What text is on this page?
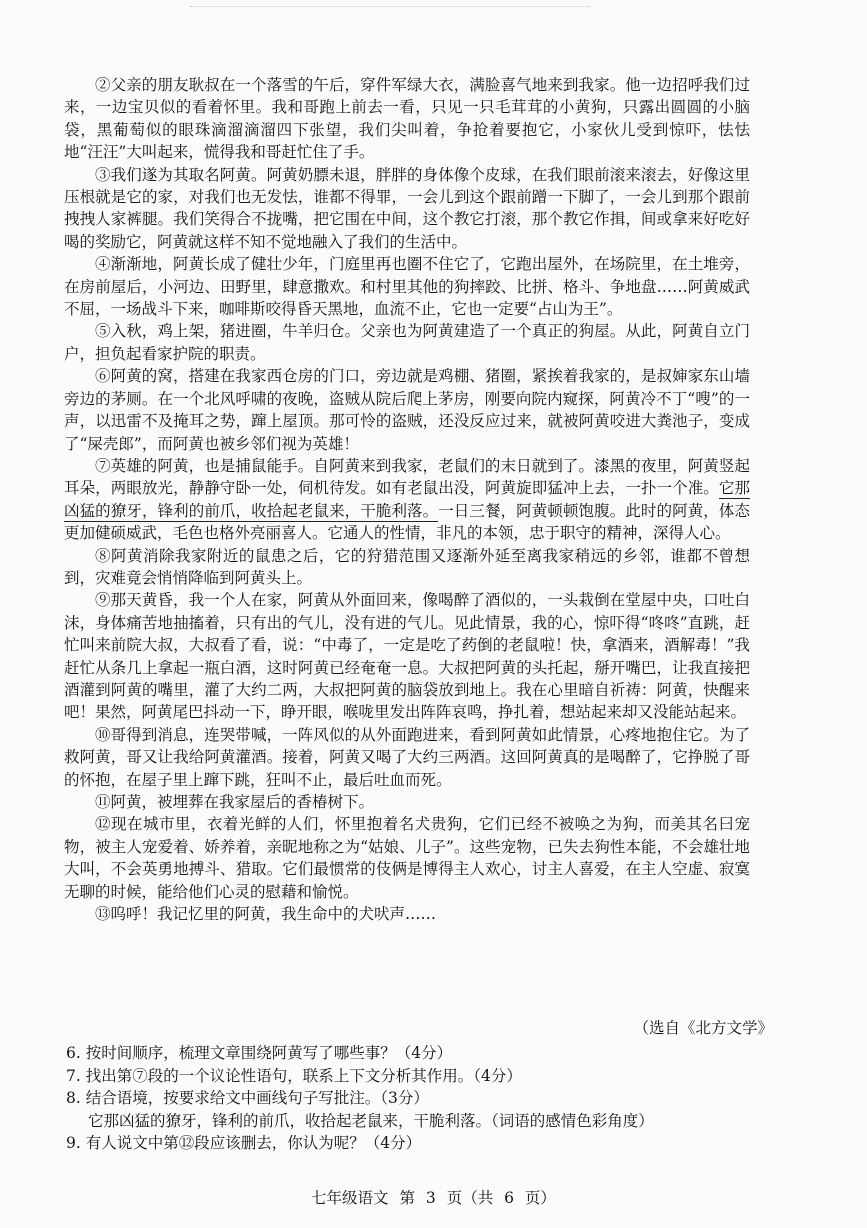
②父亲的朋友耿叔在一个落雪的午后，穿件军绿大衣，满脸喜气地来到我家。他一边招呼我们过来，一边宝贝似的看着怀里。我和哥跑上前去一看，只见一只毛茸茸的小黄狗，只露出圆圆的小脑袋，黑葡萄似的眼珠滴溜滴溜四下张望，我们尖叫着，争抢着要抱它，小家伙儿受到惊吓，怯怯地“汪汪”大叫起来，慌得我和哥赶忙住了手。

③我们遂为其取名阿黄。阿黄奶膘未退，胖胖的身体像个皮球，在我们眼前滚来滚去，好像这里压根就是它的家，对我们也无发怯，谁都不得罪，一会儿到这个跟前蹭一下脚了，一会儿到那个跟前拽拽人家裤腿。我们笑得合不拢嘴，把它围在中间，这个教它打滚，那个教它作揖，间或拿来好吃好喝的奖励它，阿黄就这样不知不觉地融入了我们的生活中。

④渐渐地，阿黄长成了健壮少年，门庭里再也圈不住它了，它跑出屋外，在场院里，在土堆旁，在房前屋后，小河边、田野里，肆意撒欢。和村里其他的狗摔跤、比拼、格斗、争地盘……阿黄威武不屈，一场战斗下来，咖啡斯咬得昏天黑地，血流不止，它也一定要“占山为王”。

⑤入秋，鸡上架，猪进圈，牛羊归仓。父亲也为阿黄建造了一个真正的狗屋。从此，阿黄自立门户，担负起看家护院的职责。

⑥阿黄的窝，搭建在我家西仓房的门口，旁边就是鸡棚、猪圈，紧挨着我家的，是叔婶家东山墙旁边的茅厕。在一个北风呼啸的夜晚，盗贼从院后爬上茅房，刚要向院内窥探，阿黄冷不丁“嗖”的一声，以迅雷不及掩耳之势，蹿上屋顶。那可怜的盗贼，还没反应过来，就被阿黄咬进大粪池子，变成了“屎壳郎”，而阿黄也被乡邻们视为英雄！

⑦英雄的阿黄，也是捕鼠能手。自阿黄来到我家，老鼠们的末日就到了。漆黑的夜里，阿黄竖起耳朵，两眼放光，静静守卧一处，伺机待发。如有老鼠出没，阿黄旋即猛冲上去，一扑一个准。它那凶猛的獠牙，锋利的前爪，收拾起老鼠来，干脆利落。一日三餐，阿黄顿顿饱腹。此时的阿黄，体态更加健硕威武，毛色也格外亮丽喜人。它通人的性情，非凡的本领，忠于职守的精神，深得人心。

⑧阿黄消除我家附近的鼠患之后，它的狩猎范围又逐渐外延至离我家稍远的乡邻，谁都不曾想到，灾难竟会悄悄降临到阿黄头上。

⑨那天黄昏，我一个人在家，阿黄从外面回来，像喝醉了酒似的，一头栽倒在堂屋中央，口吐白沫，身体痛苦地抽搐着，只有出的气儿，没有进的气儿。见此情景，我的心，惊吓得“咚咚”直跳，赶忙叫来前院大叔，大叔看了看，说：“中毒了，一定是吃了药倒的老鼠啦！快，拿酒来，酒解毒！”我赶忙从条几上拿起一瓶白酒，这时阿黄已经奄奄一息。大叔把阿黄的头托起，掰开嘴巴，让我直接把酒灌到阿黄的嘴里，灌了大约二两，大叔把阿黄的脑袋放到地上。我在心里暗自祈祷：阿黄，快醒来吧！果然，阿黄尾巴抖动一下，睁开眼，喉咙里发出阵阵哀鸣，挣扎着，想站起来却又没能站起来。

⑩哥得到消息，连哭带喊，一阵风似的从外面跑进来，看到阿黄如此情景，心疼地抱住它。为了救阿黄，哥又让我给阿黄灌酒。接着，阿黄又喝了大约三两酒。这回阿黄真的是喝醉了，它挣脱了哥的怀抱，在屋子里上蹿下跳，狂叫不止，最后吐血而死。

⑪阿黄，被埋葬在我家屋后的香椿树下。

⑫现在城市里，衣着光鲜的人们，怀里抱着名犬贵狗，它们已经不被唤之为狗，而美其名曰宠物，被主人宠爱着、娇养着，亲昵地称之为“姑娘、儿子”。这些宠物，已失去狗性本能，不会雄壮地大叫，不会英勇地搏斗、猎取。它们最惯常的伎俩是博得主人欢心，讨主人喜爱，在主人空虚、寂寞无聊的时候，能给他们心灵的慰藉和愉悦。

⑬呜呼！我记忆里的阿黄，我生命中的犬吠声……

（选自《北方文学》

6. 按时间顺序，梳理文章围绕阿黄写了哪些事？（4分）

7. 找出第⑦段的一个议论性语句，联系上下文分析其作用。（4分）

8. 结合语境，按要求给文中画线句子写批注。（3分）

它那凶猛的獠牙，锋利的前爪，收拾起老鼠来，干脆利落。（词语的感情色彩角度）

9. 有人说文中第⑫段应该删去，你认为呢？（4分）

七年级语文 第 3 页（共 6 页）
